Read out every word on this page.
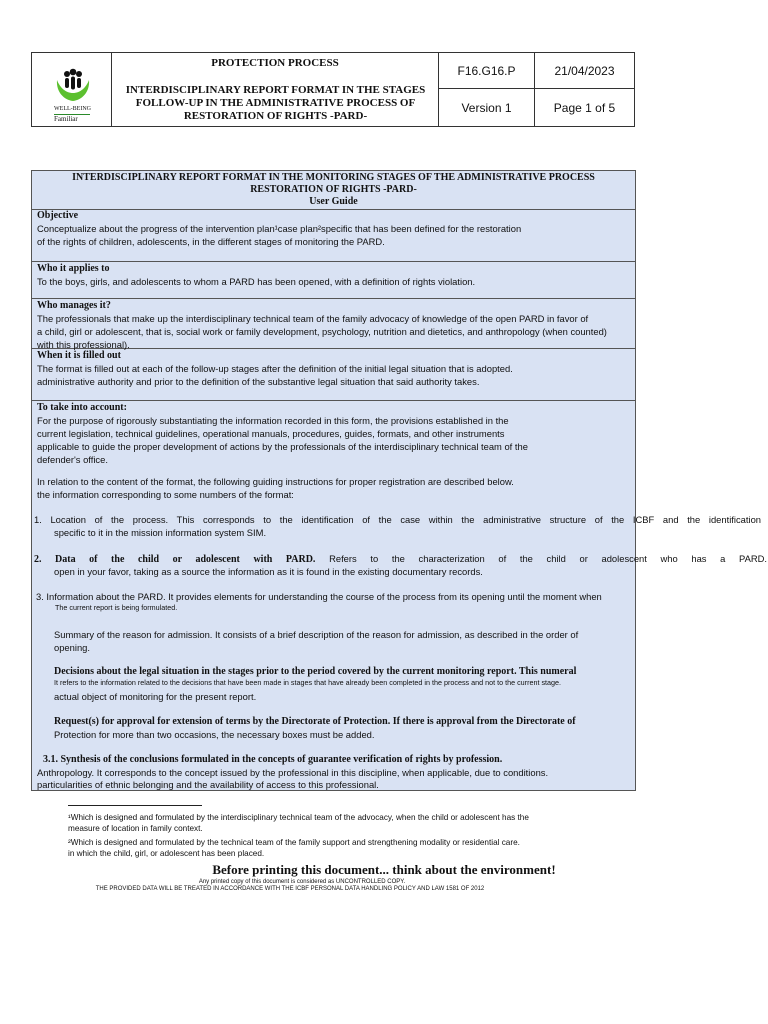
WELL-BEING
Familiar
PROTECTION PROCESS
INTERDISCIPLINARY REPORT FORMAT IN THE STAGES
FOLLOW-UP IN THE ADMINISTRATIVE PROCESS OF
RESTORATION OF RIGHTS -PARD-
F16.G16.P	21/04/2023
Version 1	Page 1 of 5
INTERDISCIPLINARY REPORT FORMAT IN THE MONITORING STAGES OF THE ADMINISTRATIVE PROCESS
RESTORATION OF RIGHTS -PARD-
User Guide
Objective

Conceptualize about the progress of the intervention plan¹case plan²specific that has been defined for the restoration

of the rights of children, adolescents, in the different stages of monitoring the PARD.

Who it applies to
To the boys, girls, and adolescents to whom a PARD has been opened, with a definition of rights violation.
Who manages it?

The professionals that make up the interdisciplinary technical team of the family advocacy of knowledge of the open PARD in favor of

a child, girl or adolescent, that is, social work or family development, psychology, nutrition and dietetics, and anthropology (when counted)

with this professional).

When it is filled out

The format is filled out at each of the follow-up stages after the definition of the initial legal situation that is adopted.

administrative authority and prior to the definition of the substantive legal situation that said authority takes.

To take into account:

For the purpose of rigorously substantiating the information recorded in this form, the provisions established in the

current legislation, technical guidelines, operational manuals, procedures, guides, formats, and other instruments

applicable to guide the proper development of actions by the professionals of the interdisciplinary technical team of the

defender's office.

In relation to the content of the format, the following guiding instructions for proper registration are described below.

the information corresponding to some numbers of the format:

1. Location of the process. This corresponds to the identification of the case within the administrative structure of the ICBF and the identification
specific to it in the mission information system SIM.
2. Data of the child or adolescent with PARD. Refers to the characterization of the child or adolescent who has a PARD.
open in your favor, taking as a source the information as it is found in the existing documentary records.
3. Information about the PARD. It provides elements for understanding the course of the process from its opening until the moment when
The current report is being formulated.
Summary of the reason for admission. It consists of a brief description of the reason for admission, as described in the order of
opening.
Decisions about the legal situation in the stages prior to the period covered by the current monitoring report. This numeral
It refers to the information related to the decisions that have been made in stages that have already been completed in the process and not to the current stage.
actual object of monitoring for the present report.
Request(s) for approval for extension of terms by the Directorate of Protection. If there is approval from the Directorate of
Protection for more than two occasions, the necessary boxes must be added.
3.1. Synthesis of the conclusions formulated in the concepts of guarantee verification of rights by profession.
Anthropology. It corresponds to the concept issued by the professional in this discipline, when applicable, due to conditions.
particularities of ethnic belonging and the availability of access to this professional.
¹Which is designed and formulated by the interdisciplinary technical team of the advocacy, when the child or adolescent has the
measure of location in family context.
²Which is designed and formulated by the technical team of the family support and strengthening modality or residential care.
in which the child, girl, or adolescent has been placed.
Before printing this document... think about the environment!
Any printed copy of this document is considered as UNCONTROLLED COPY.
THE PROVIDED DATA WILL BE TREATED IN ACCORDANCE WITH THE ICBF PERSONAL DATA HANDLING POLICY AND LAW 1581 OF 2012
